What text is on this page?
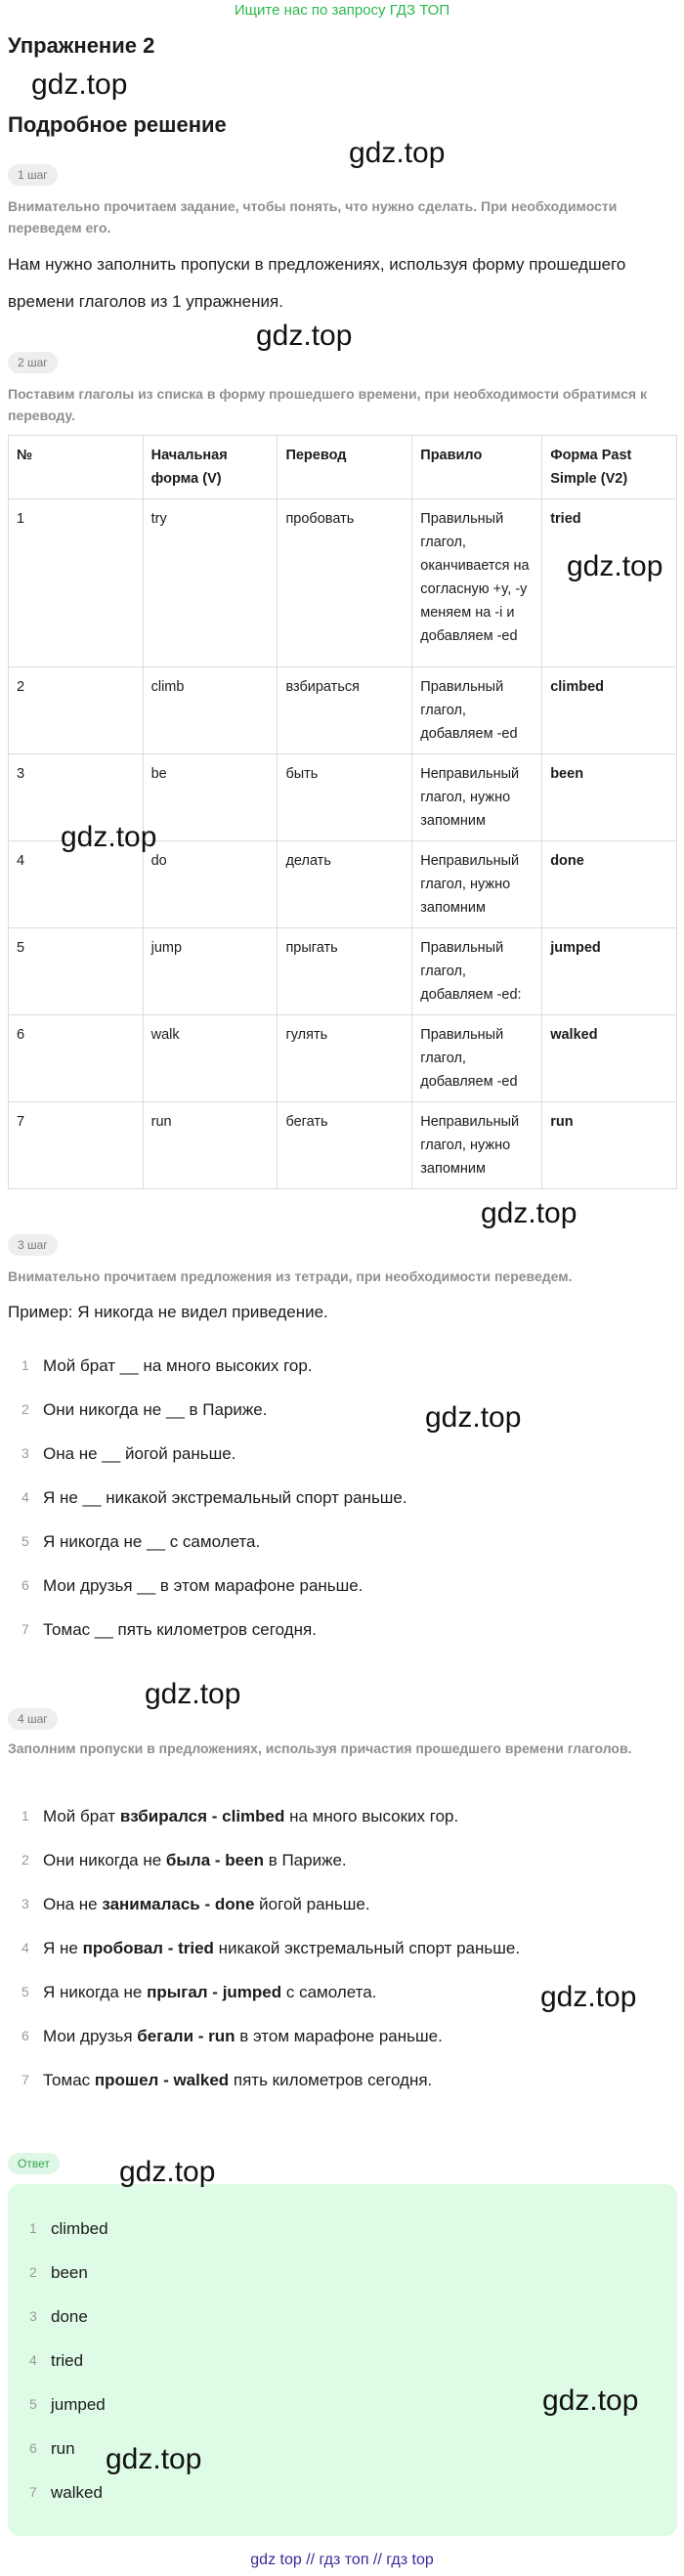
Ищите нас по запросу ГДЗ ТОП
Упражнение 2
gdz.top
Подробное решение
gdz.top
1 шаг
Внимательно прочитаем задание, чтобы понять, что нужно сделать. При необходимости переведем его.
Нам нужно заполнить пропуски в предложениях, используя форму прошедшего времени глаголов из 1 упражнения.
gdz.top
2 шаг
Поставим глаголы из списка в форму прошедшего времени, при необходимости обратимся к переводу.
№	Начальная форма (V)	Перевод	Правило	Форма Past Simple (V2)
1	try	пробовать	Правильный глагол, оканчивается на согласную +y, -y меняем на -i и добавляем -ed	tried
2	climb	взбираться	Правильный глагол, добавляем -ed	climbed
3	be	быть	Неправильный глагол, нужно запомним	been
4	do	делать	Неправильный глагол, нужно запомним	done
5	jump	прыгать	Правильный глагол, добавляем -ed:	jumped
6	walk	гулять	Правильный глагол, добавляем -ed	walked
7	run	бегать	Неправильный глагол, нужно запомним	run
gdz.top
gdz.top
gdz.top
3 шаг
Внимательно прочитаем предложения из тетради, при необходимости переведем.
Пример: Я никогда не видел приведение.
1 Мой брат __ на много высоких гор.
2 Они никогда не __ в Париже.
3 Она не __ йогой раньше.
4 Я не __ никакой экстремальный спорт раньше.
5 Я никогда не __ с самолета.
6 Мои друзья __ в этом марафоне раньше.
7 Томас __ пять километров сегодня.
gdz.top
gdz.top
4 шаг
Заполним пропуски в предложениях, используя причастия прошедшего времени глаголов.
1 Мой брат взбирался - climbed на много высоких гор.
2 Они никогда не была - been в Париже.
3 Она не занималась - done йогой раньше.
4 Я не пробовал - tried никакой экстремальный спорт раньше.
5 Я никогда не прыгал - jumped с самолета.
6 Мои друзья бегали - run в этом марафоне раньше.
7 Томас прошел - walked пять километров сегодня.
gdz.top
Ответ
1 climbed
2 been
3 done
4 tried
5 jumped
6 run
7 walked
gdz.top
gdz.top
gdz.top
gdz top // гдз топ // гдз top
